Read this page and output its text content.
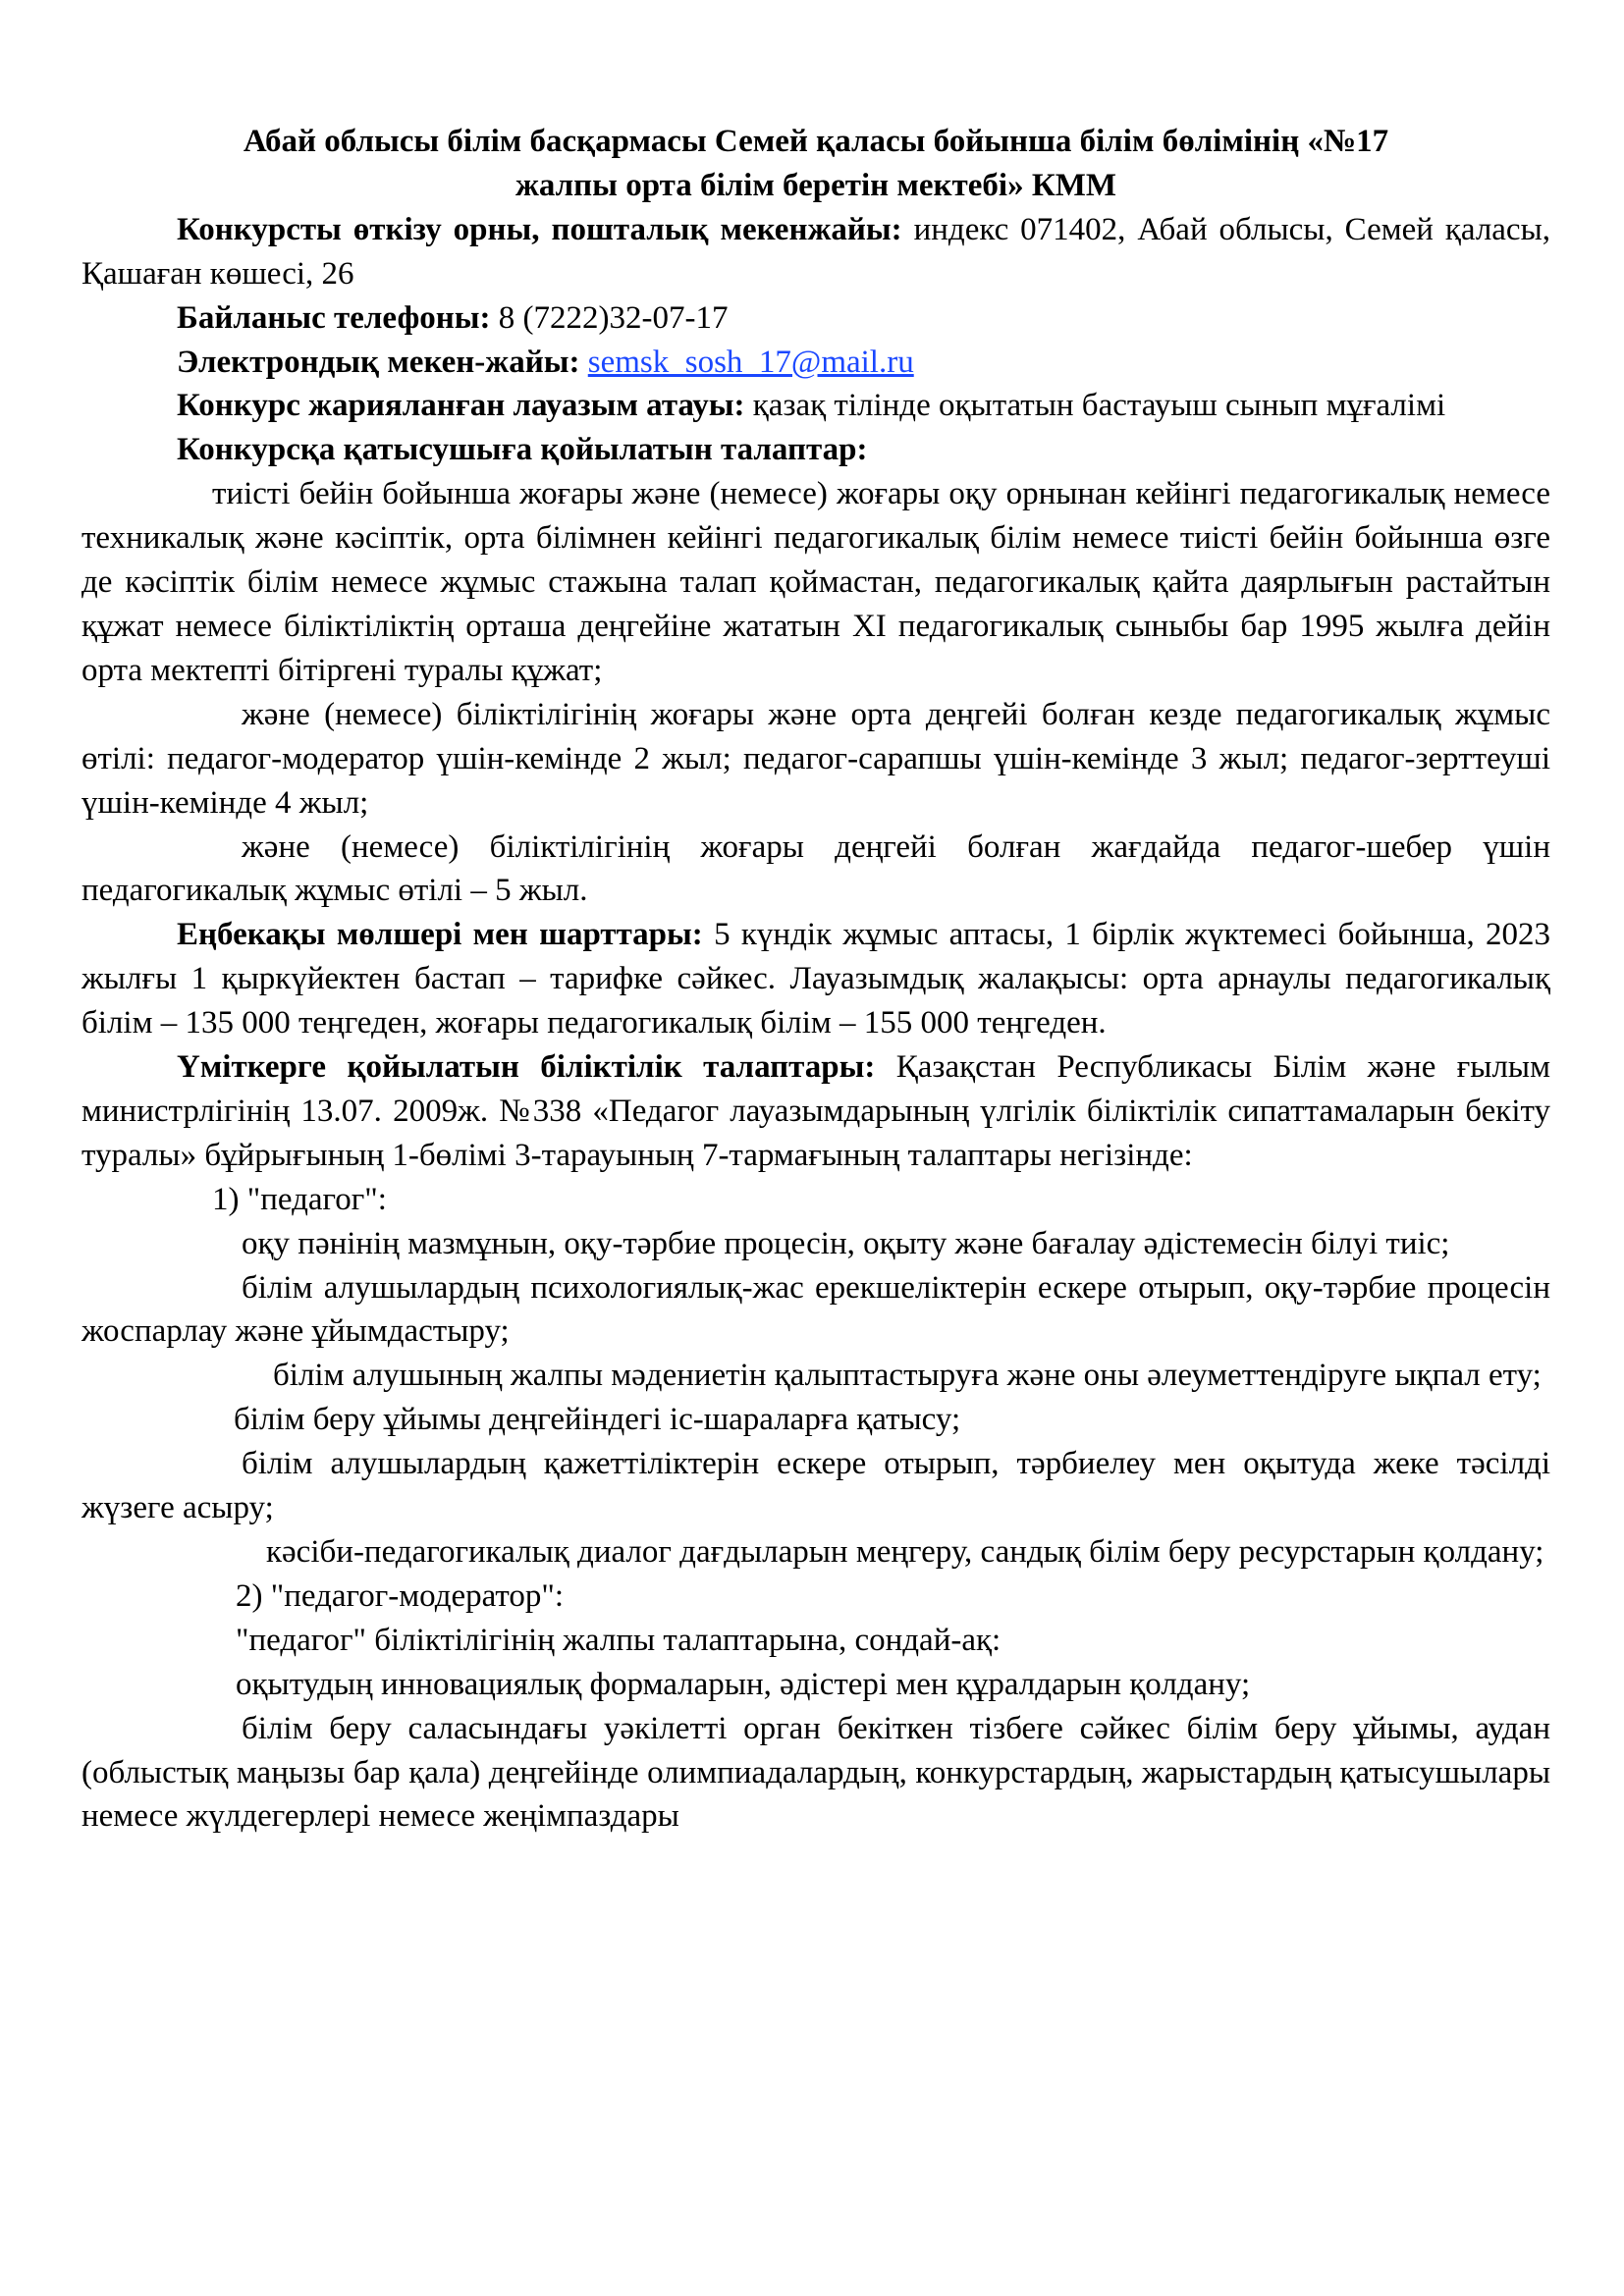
Абай облысы білім басқармасы Семей қаласы бойынша білім бөлімінің «№17

жалпы орта білім беретін мектебі» КММ

Конкурсты өткізу орны, пошталық мекенжайы: индекс 071402, Абай облысы, Семей қаласы, Қашаған көшесі, 26

Байланыс телефоны: 8 (7222)32-07-17

Электрондық мекен-жайы: semsk_sosh_17@mail.ru

Конкурс жарияланған лауазым атауы: қазақ тілінде оқытатын бастауыш сынып мұғалімі

Конкурсқа қатысушыға қойылатын талаптар:

тиісті бейін бойынша жоғары және (немесе) жоғары оқу орнынан кейінгі педагогикалық немесе техникалық және кәсіптік, орта білімнен кейінгі педагогикалық білім немесе тиісті бейін бойынша өзге де кәсіптік білім немесе жұмыс стажына талап қоймастан, педагогикалық қайта даярлығын растайтын құжат немесе біліктіліктің орташа деңгейіне жататын XI педагогикалық сыныбы бар 1995 жылға дейін орта мектепті бітіргені туралы құжат;

және (немесе) біліктілігінің жоғары және орта деңгейі болған кезде педагогикалық жұмыс өтілі: педагог-модератор үшін-кемінде 2 жыл; педагог-сарапшы үшін-кемінде 3 жыл; педагог-зерттеуші үшін-кемінде 4 жыл;

және (немесе) біліктілігінің жоғары деңгейі болған жағдайда педагог-шебер үшін педагогикалық жұмыс өтілі – 5 жыл.

Еңбекақы мөлшері мен шарттары: 5 күндік жұмыс аптасы, 1 бірлік жүктемесі бойынша, 2023 жылғы 1 қыркүйектен бастап – тарифке сәйкес. Лауазымдық жалақысы: орта арнаулы педагогикалық білім – 135 000 теңгеден, жоғары педагогикалық білім – 155 000 теңгеден.

Үміткерге қойылатын біліктілік талаптары: Қазақстан Республикасы Білім және ғылым министрлігінің 13.07. 2009ж. №338 «Педагог лауазымдарының үлгілік біліктілік сипаттамаларын бекіту туралы» бұйрығының 1-бөлімі 3-тарауының 7-тармағының талаптары негізінде:

1) "педагог":

оқу пәнінің мазмұнын, оқу-тәрбие процесін, оқыту және бағалау әдістемесін білуі тиіс;

білім алушылардың психологиялық-жас ерекшеліктерін ескере отырып, оқу-тәрбие процесін жоспарлау және ұйымдастыру;

білім алушының жалпы мәдениетін қалыптастыруға және оны әлеуметтендіруге ықпал ету;

білім беру ұйымы деңгейіндегі іс-шараларға қатысу;

білім алушылардың қажеттіліктерін ескере отырып, тәрбиелеу мен оқытуда жеке тәсілді жүзеге асыру;

кәсіби-педагогикалық диалог дағдыларын меңгеру, сандық білім беру ресурстарын қолдану;

2) "педагог-модератор":

"педагог" біліктілігінің жалпы талаптарына, сондай-ақ:

оқытудың инновациялық формаларын, әдістері мен құралдарын қолдану;

білім беру саласындағы уәкілетті орган бекіткен тізбеге сәйкес білім беру ұйымы, аудан (облыстық маңызы бар қала) деңгейінде олимпиадалардың, конкурстардың, жарыстардың қатысушылары немесе жүлдегерлері немесе жеңімпаздары
